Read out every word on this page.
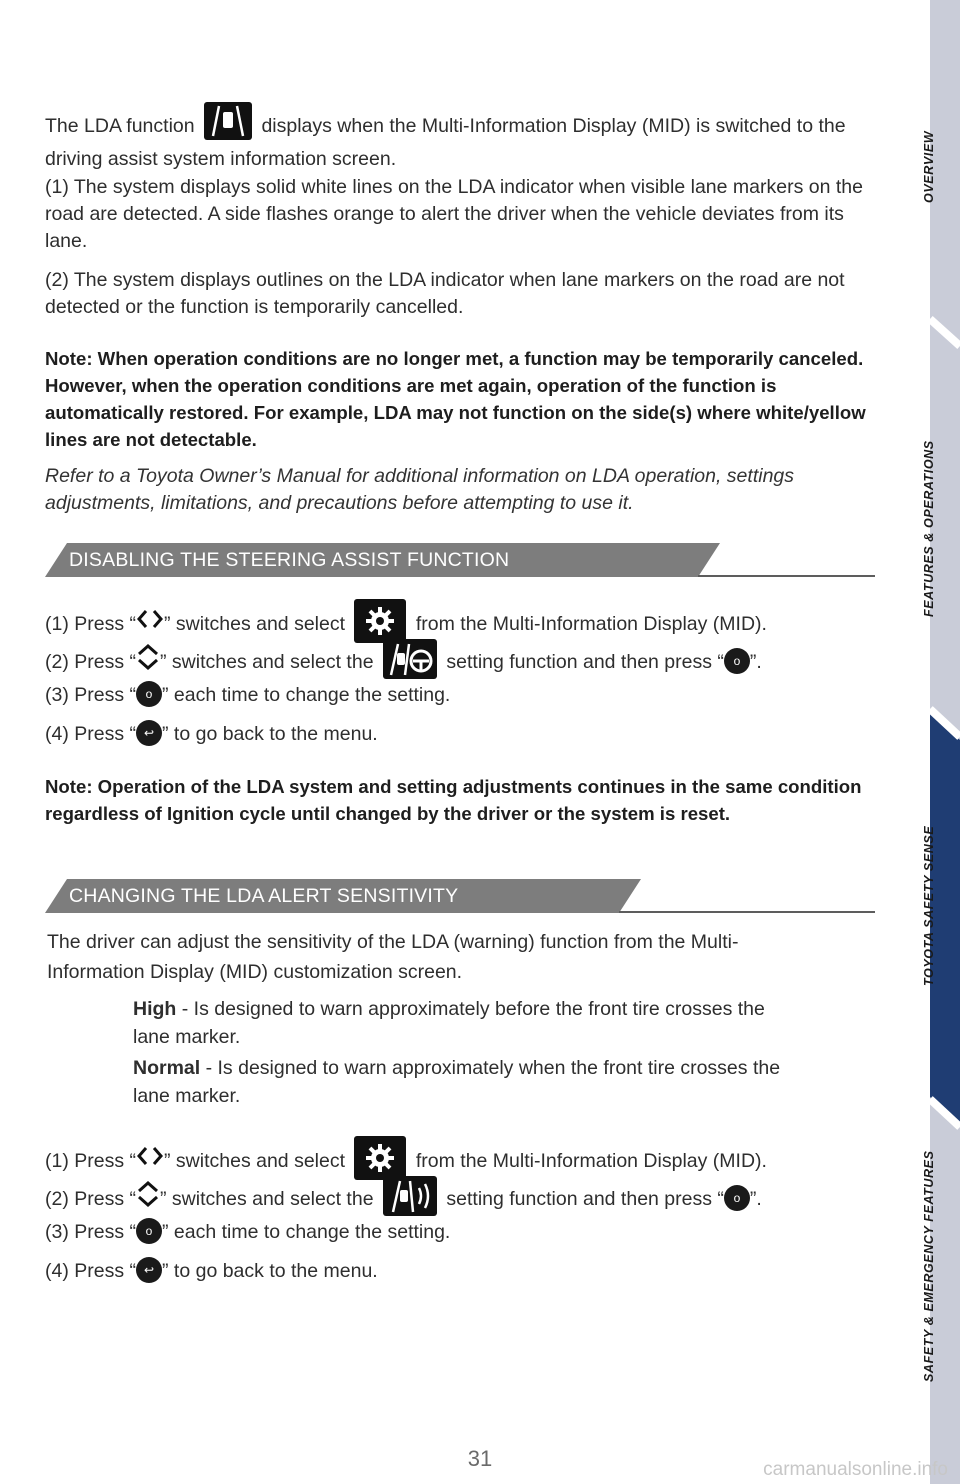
OVERVIEW
FEATURES & OPERATIONS
TOYOTA SAFETY SENSE
SAFETY & EMERGENCY FEATURES

The LDA function	displays when the Multi-Information Display (MID) is switched to the driving assist system information screen.

(1) The system displays solid white lines on the LDA indicator when visible lane markers on the road are detected. A side flashes orange to alert the driver when the vehicle deviates from its lane.

(2) The system displays outlines on the LDA indicator when lane markers on the road are not detected or the function is temporarily cancelled.

Note: When operation conditions are no longer met, a function may be temporarily canceled. However, when the operation conditions are met again, operation of the function is automatically restored. For example, LDA may not function on the side(s) where white/yellow lines are not detectable.

Refer to a Toyota Owner’s Manual for additional information on LDA operation, settings adjustments, limitations, and precautions before attempting to use it.

DISABLING THE STEERING ASSIST FUNCTION
(1) Press “ ” switches and select	from the Multi-Information Display (MID).
(2) Press “ ” switches and select the	setting function and then press “ o ”.
(3) Press “ o ” each time to change the setting.
(4) Press “ ↩ ” to go back to the menu.

Note: Operation of the LDA system and setting adjustments continues in the same condition regardless of Ignition cycle until changed by the driver or the system is reset.

CHANGING THE LDA ALERT SENSITIVITY

The driver can adjust the sensitivity of the LDA (warning) function from the Multi-Information Display (MID) customization screen.

High - Is designed to warn approximately before the front tire crosses the lane marker.
Normal - Is designed to warn approximately when the front tire crosses the lane marker.
(1) Press “ ” switches and select	from the Multi-Information Display (MID).
(2) Press “ ” switches and select the	setting function and then press “ o ”.
(3) Press “ o ” each time to change the setting.
(4) Press “ ↩ ” to go back to the menu.
31	carmanualsonline.info
